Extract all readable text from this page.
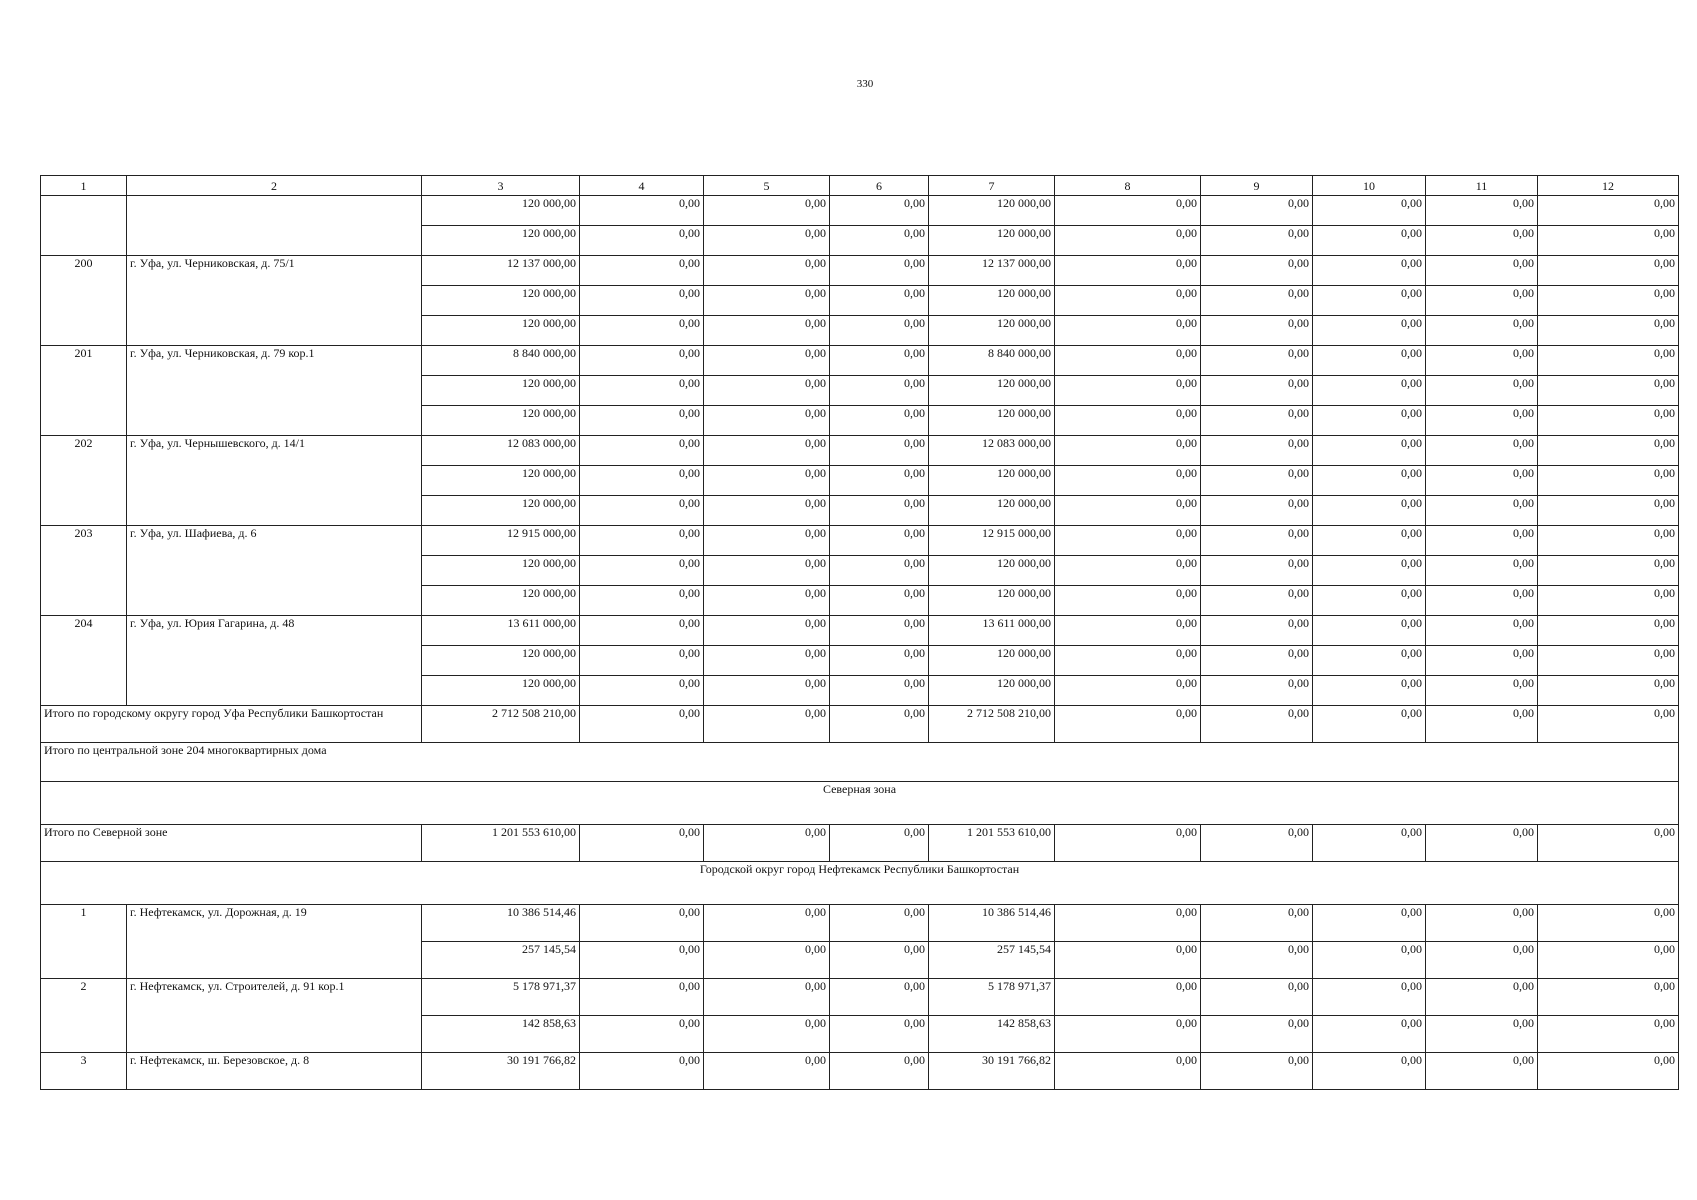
330
1	2	3	4	5	6	7	8	9	10	11	12
		120 000,00	0,00	0,00	0,00	120 000,00	0,00	0,00	0,00	0,00	0,00
		120 000,00	0,00	0,00	0,00	120 000,00	0,00	0,00	0,00	0,00	0,00
200	г. Уфа, ул. Черниковская, д. 75/1	12 137 000,00	0,00	0,00	0,00	12 137 000,00	0,00	0,00	0,00	0,00	0,00
		120 000,00	0,00	0,00	0,00	120 000,00	0,00	0,00	0,00	0,00	0,00
		120 000,00	0,00	0,00	0,00	120 000,00	0,00	0,00	0,00	0,00	0,00
201	г. Уфа, ул. Черниковская, д. 79 кор.1	8 840 000,00	0,00	0,00	0,00	8 840 000,00	0,00	0,00	0,00	0,00	0,00
		120 000,00	0,00	0,00	0,00	120 000,00	0,00	0,00	0,00	0,00	0,00
		120 000,00	0,00	0,00	0,00	120 000,00	0,00	0,00	0,00	0,00	0,00
202	г. Уфа, ул. Чернышевского, д. 14/1	12 083 000,00	0,00	0,00	0,00	12 083 000,00	0,00	0,00	0,00	0,00	0,00
		120 000,00	0,00	0,00	0,00	120 000,00	0,00	0,00	0,00	0,00	0,00
		120 000,00	0,00	0,00	0,00	120 000,00	0,00	0,00	0,00	0,00	0,00
203	г. Уфа, ул. Шафиева, д. 6	12 915 000,00	0,00	0,00	0,00	12 915 000,00	0,00	0,00	0,00	0,00	0,00
		120 000,00	0,00	0,00	0,00	120 000,00	0,00	0,00	0,00	0,00	0,00
		120 000,00	0,00	0,00	0,00	120 000,00	0,00	0,00	0,00	0,00	0,00
204	г. Уфа, ул. Юрия Гагарина, д. 48	13 611 000,00	0,00	0,00	0,00	13 611 000,00	0,00	0,00	0,00	0,00	0,00
		120 000,00	0,00	0,00	0,00	120 000,00	0,00	0,00	0,00	0,00	0,00
		120 000,00	0,00	0,00	0,00	120 000,00	0,00	0,00	0,00	0,00	0,00
Итого по городскому округу город Уфа Республики Башкортостан		2 712 508 210,00	0,00	0,00	0,00	2 712 508 210,00	0,00	0,00	0,00	0,00	0,00
Итого по центральной зоне 204 многоквартирных дома											
Северная зона											
Итого по Северной зоне		1 201 553 610,00	0,00	0,00	0,00	1 201 553 610,00	0,00	0,00	0,00	0,00	0,00
Городской округ город Нефтекамск Республики Башкортостан											
1	г. Нефтекамск, ул. Дорожная, д. 19	10 386 514,46	0,00	0,00	0,00	10 386 514,46	0,00	0,00	0,00	0,00	0,00
		257 145,54	0,00	0,00	0,00	257 145,54	0,00	0,00	0,00	0,00	0,00
2	г. Нефтекамск, ул. Строителей, д. 91 кор.1	5 178 971,37	0,00	0,00	0,00	5 178 971,37	0,00	0,00	0,00	0,00	0,00
		142 858,63	0,00	0,00	0,00	142 858,63	0,00	0,00	0,00	0,00	0,00
3	г. Нефтекамск, ш. Березовское, д. 8	30 191 766,82	0,00	0,00	0,00	30 191 766,82	0,00	0,00	0,00	0,00	0,00
